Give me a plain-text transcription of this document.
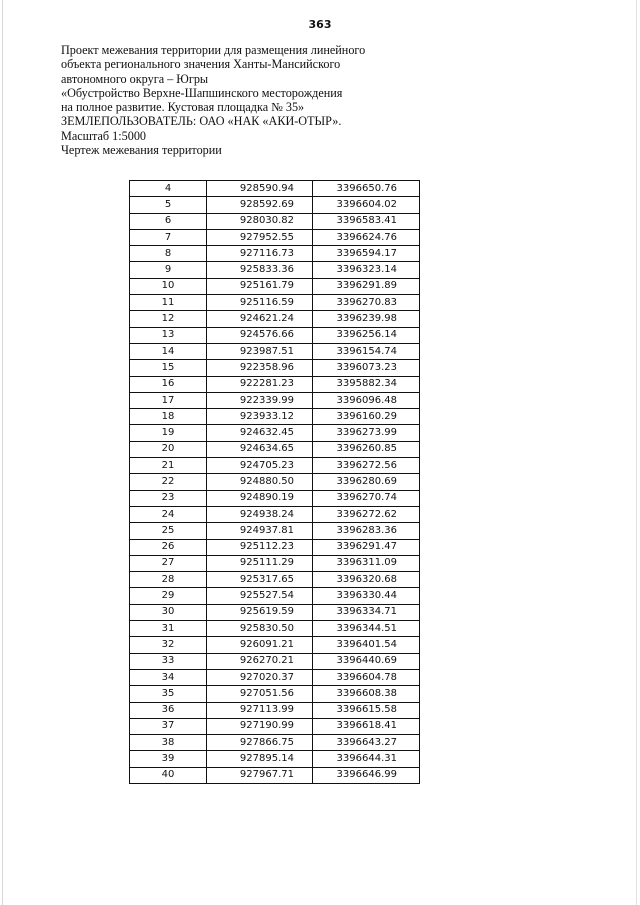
363
Проект межевания территории для размещения линейного
объекта регионального значения Ханты-Мансийского
автономного округа – Югры
«Обустройство Верхне-Шапшинского месторождения
на полное развитие. Кустовая площадка № 35»
ЗЕМЛЕПОЛЬЗОВАТЕЛЬ: ОАО «НАК «АКИ-ОТЫР».
Масштаб 1:5000
Чертеж межевания территории
4	928590.94	3396650.76
5	928592.69	3396604.02
6	928030.82	3396583.41
7	927952.55	3396624.76
8	927116.73	3396594.17
9	925833.36	3396323.14
10	925161.79	3396291.89
11	925116.59	3396270.83
12	924621.24	3396239.98
13	924576.66	3396256.14
14	923987.51	3396154.74
15	922358.96	3396073.23
16	922281.23	3395882.34
17	922339.99	3396096.48
18	923933.12	3396160.29
19	924632.45	3396273.99
20	924634.65	3396260.85
21	924705.23	3396272.56
22	924880.50	3396280.69
23	924890.19	3396270.74
24	924938.24	3396272.62
25	924937.81	3396283.36
26	925112.23	3396291.47
27	925111.29	3396311.09
28	925317.65	3396320.68
29	925527.54	3396330.44
30	925619.59	3396334.71
31	925830.50	3396344.51
32	926091.21	3396401.54
33	926270.21	3396440.69
34	927020.37	3396604.78
35	927051.56	3396608.38
36	927113.99	3396615.58
37	927190.99	3396618.41
38	927866.75	3396643.27
39	927895.14	3396644.31
40	927967.71	3396646.99
